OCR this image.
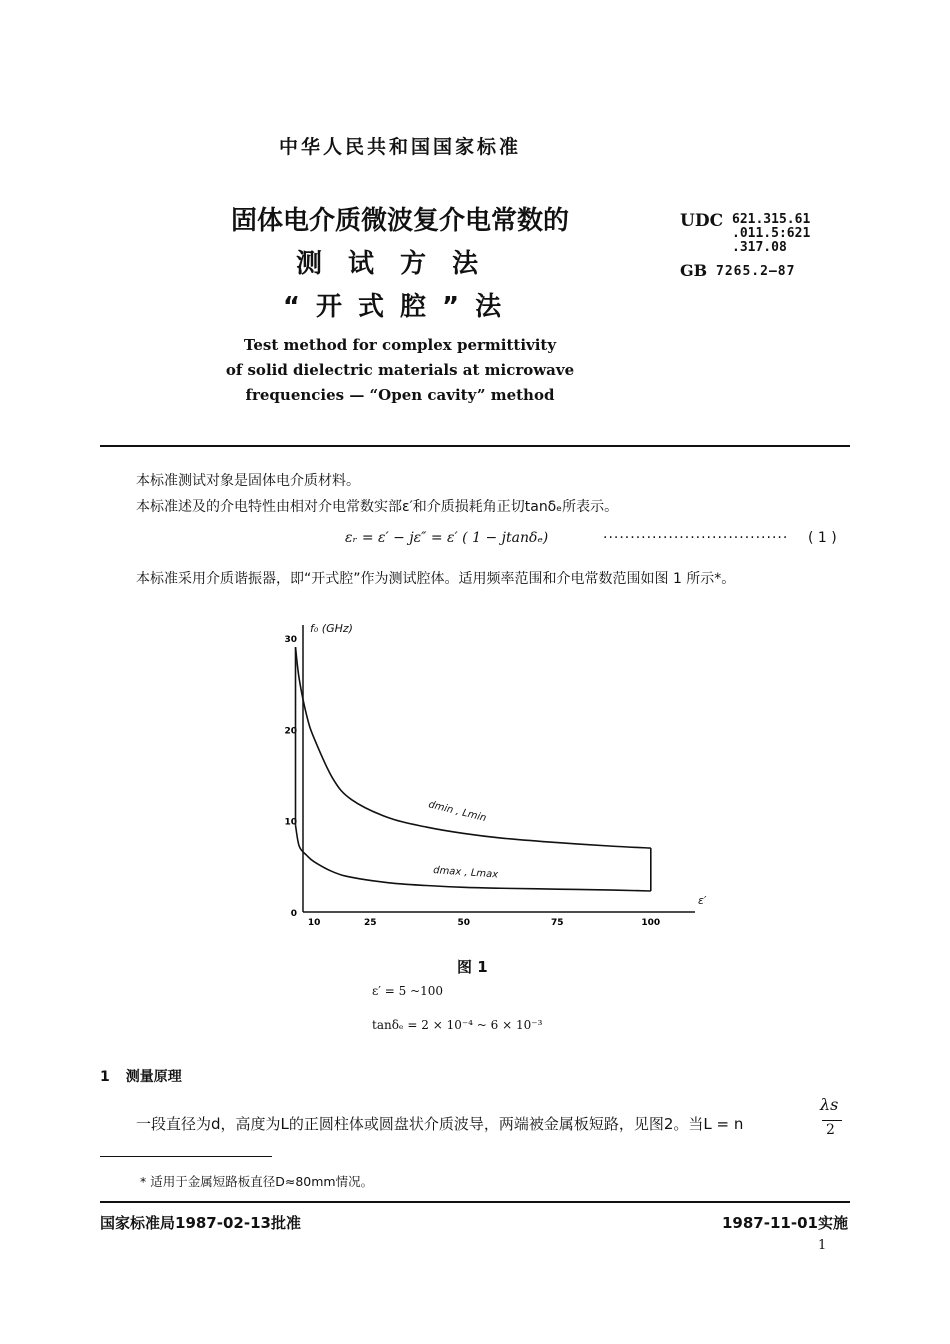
中华人民共和国国家标准
固体电介质微波复介电常数的
测试方法
“开式腔”法
Test method for complex permittivity
of solid dielectric materials at microwave
frequencies — “Open cavity” method
UDC 621.315.61
.011.5:621
.317.08
GB 7265.2—87
本标准测试对象是固体电介质材料。
本标准述及的介电特性由相对介电常数实部ε′和介质损耗角正切tanδₑ所表示。
εᵣ = ε′ − jε″ = ε′ ( 1 − jtanδₑ)	·································· ( 1 )
本标准采用介质谐振器，即“开式腔”作为测试腔体。适用频率范围和介电常数范围如图 1 所示*。
f₀ (GHz)
ε′
0
10
20
30
10	25	50	75	100
dmin , Lmin
dmax , Lmax
图 1
ε′ = 5 ~100
tanδₑ = 2 × 10⁻⁴ ~ 6 × 10⁻³
1 测量原理
一段直径为d，高度为L的正圆柱体或圆盘状介质波导，两端被金属板短路，见图2。当L = n
λs
2
* 适用于金属短路板直径D≈80mm情况。
国家标准局1987-02-13批准	1987-11-01实施
1
